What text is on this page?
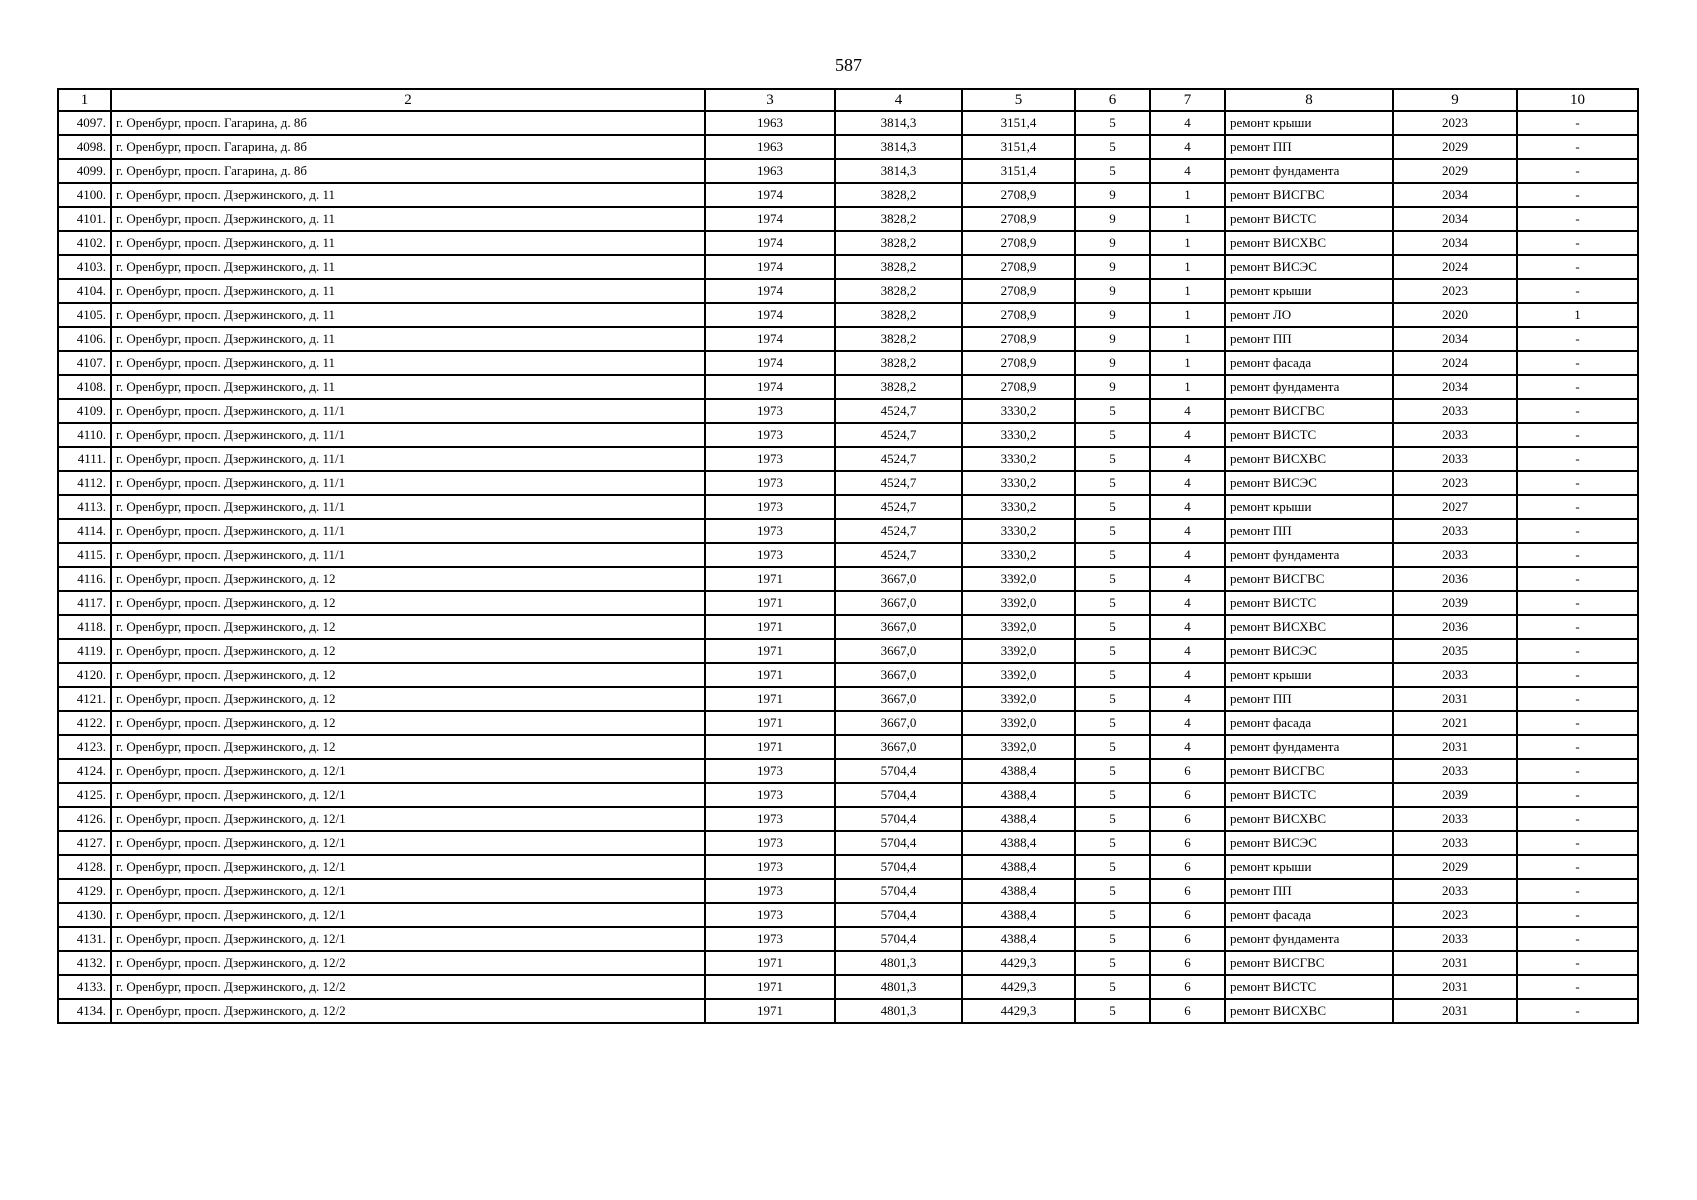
587
1	2	3	4	5	6	7	8	9	10
4097.	г. Оренбург, просп. Гагарина, д. 8б	1963	3814,3	3151,4	5	4	ремонт крыши	2023	-
4098.	г. Оренбург, просп. Гагарина, д. 8б	1963	3814,3	3151,4	5	4	ремонт ПП	2029	-
4099.	г. Оренбург, просп. Гагарина, д. 8б	1963	3814,3	3151,4	5	4	ремонт фундамента	2029	-
4100.	г. Оренбург, просп. Дзержинского, д. 11	1974	3828,2	2708,9	9	1	ремонт ВИСГВС	2034	-
4101.	г. Оренбург, просп. Дзержинского, д. 11	1974	3828,2	2708,9	9	1	ремонт ВИСТС	2034	-
4102.	г. Оренбург, просп. Дзержинского, д. 11	1974	3828,2	2708,9	9	1	ремонт ВИСХВС	2034	-
4103.	г. Оренбург, просп. Дзержинского, д. 11	1974	3828,2	2708,9	9	1	ремонт ВИСЭС	2024	-
4104.	г. Оренбург, просп. Дзержинского, д. 11	1974	3828,2	2708,9	9	1	ремонт крыши	2023	-
4105.	г. Оренбург, просп. Дзержинского, д. 11	1974	3828,2	2708,9	9	1	ремонт ЛО	2020	1
4106.	г. Оренбург, просп. Дзержинского, д. 11	1974	3828,2	2708,9	9	1	ремонт ПП	2034	-
4107.	г. Оренбург, просп. Дзержинского, д. 11	1974	3828,2	2708,9	9	1	ремонт фасада	2024	-
4108.	г. Оренбург, просп. Дзержинского, д. 11	1974	3828,2	2708,9	9	1	ремонт фундамента	2034	-
4109.	г. Оренбург, просп. Дзержинского, д. 11/1	1973	4524,7	3330,2	5	4	ремонт ВИСГВС	2033	-
4110.	г. Оренбург, просп. Дзержинского, д. 11/1	1973	4524,7	3330,2	5	4	ремонт ВИСТС	2033	-
4111.	г. Оренбург, просп. Дзержинского, д. 11/1	1973	4524,7	3330,2	5	4	ремонт ВИСХВС	2033	-
4112.	г. Оренбург, просп. Дзержинского, д. 11/1	1973	4524,7	3330,2	5	4	ремонт ВИСЭС	2023	-
4113.	г. Оренбург, просп. Дзержинского, д. 11/1	1973	4524,7	3330,2	5	4	ремонт крыши	2027	-
4114.	г. Оренбург, просп. Дзержинского, д. 11/1	1973	4524,7	3330,2	5	4	ремонт ПП	2033	-
4115.	г. Оренбург, просп. Дзержинского, д. 11/1	1973	4524,7	3330,2	5	4	ремонт фундамента	2033	-
4116.	г. Оренбург, просп. Дзержинского, д. 12	1971	3667,0	3392,0	5	4	ремонт ВИСГВС	2036	-
4117.	г. Оренбург, просп. Дзержинского, д. 12	1971	3667,0	3392,0	5	4	ремонт ВИСТС	2039	-
4118.	г. Оренбург, просп. Дзержинского, д. 12	1971	3667,0	3392,0	5	4	ремонт ВИСХВС	2036	-
4119.	г. Оренбург, просп. Дзержинского, д. 12	1971	3667,0	3392,0	5	4	ремонт ВИСЭС	2035	-
4120.	г. Оренбург, просп. Дзержинского, д. 12	1971	3667,0	3392,0	5	4	ремонт крыши	2033	-
4121.	г. Оренбург, просп. Дзержинского, д. 12	1971	3667,0	3392,0	5	4	ремонт ПП	2031	-
4122.	г. Оренбург, просп. Дзержинского, д. 12	1971	3667,0	3392,0	5	4	ремонт фасада	2021	-
4123.	г. Оренбург, просп. Дзержинского, д. 12	1971	3667,0	3392,0	5	4	ремонт фундамента	2031	-
4124.	г. Оренбург, просп. Дзержинского, д. 12/1	1973	5704,4	4388,4	5	6	ремонт ВИСГВС	2033	-
4125.	г. Оренбург, просп. Дзержинского, д. 12/1	1973	5704,4	4388,4	5	6	ремонт ВИСТС	2039	-
4126.	г. Оренбург, просп. Дзержинского, д. 12/1	1973	5704,4	4388,4	5	6	ремонт ВИСХВС	2033	-
4127.	г. Оренбург, просп. Дзержинского, д. 12/1	1973	5704,4	4388,4	5	6	ремонт ВИСЭС	2033	-
4128.	г. Оренбург, просп. Дзержинского, д. 12/1	1973	5704,4	4388,4	5	6	ремонт крыши	2029	-
4129.	г. Оренбург, просп. Дзержинского, д. 12/1	1973	5704,4	4388,4	5	6	ремонт ПП	2033	-
4130.	г. Оренбург, просп. Дзержинского, д. 12/1	1973	5704,4	4388,4	5	6	ремонт фасада	2023	-
4131.	г. Оренбург, просп. Дзержинского, д. 12/1	1973	5704,4	4388,4	5	6	ремонт фундамента	2033	-
4132.	г. Оренбург, просп. Дзержинского, д. 12/2	1971	4801,3	4429,3	5	6	ремонт ВИСГВС	2031	-
4133.	г. Оренбург, просп. Дзержинского, д. 12/2	1971	4801,3	4429,3	5	6	ремонт ВИСТС	2031	-
4134.	г. Оренбург, просп. Дзержинского, д. 12/2	1971	4801,3	4429,3	5	6	ремонт ВИСХВС	2031	-
